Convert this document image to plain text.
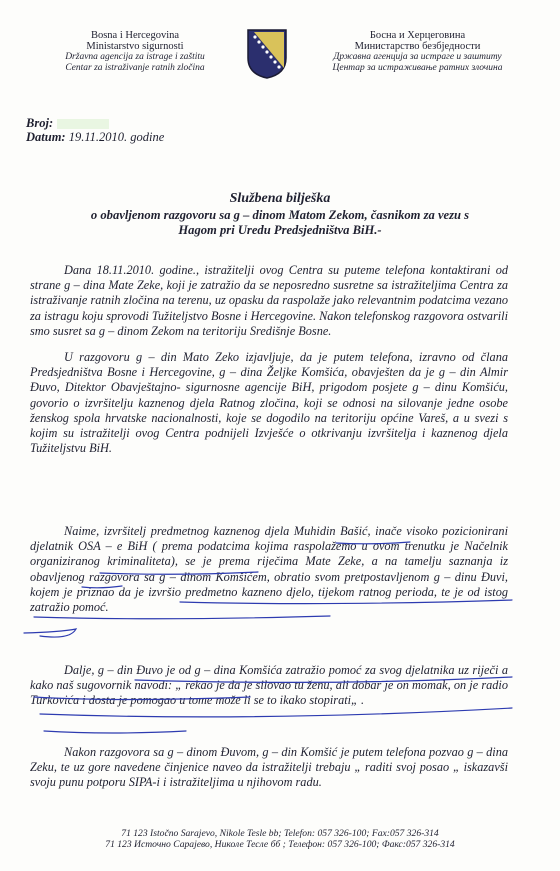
Bosna i Hercegovina
Ministarstvo sigurnosti
Državna agencija za istrage i zaštitu
Centar za istraživanje ratnih zločina
Босна и Херцеговина
Министарство безбједности
Државна агенција за истраге и заштиту
Центар за истраживање ратних злочина
Broj:
Datum: 19.11.2010. godine
Službena bilješka
o obavljenom razgovoru sa g – dinom Matom Zekom, časnikom za vezu s
Hagom pri Uredu Predsjedništva BiH.-
Dana 18.11.2010. godine., istražitelji ovog Centra su puteme telefona kontaktirani od strane g – dina Mate Zeke, koji je zatražio da se neposredno susretne sa istražiteljima Centra za istraživanje ratnih zločina na terenu, uz opasku da raspolaže jako relevantnim podatcima vezano za istragu koju sprovodi Tužiteljstvo Bosne i Hercegovine. Nakon telefonskog razgovora ostvarili smo susret sa g – dinom Zekom na teritoriju Središnje Bosne.
U razgovoru g – din Mato Zeko izjavljuje, da je putem telefona, izravno od člana Predsjedništva Bosne i Hercegovine, g – dina Željke Komšića, obavješten da je g – din Almir Đuvo, Ditektor Obavještajno- sigurnosne agencije BiH, prigodom posjete g – dinu Komšiću, govorio o izvršitelju kaznenog djela Ratnog zločina, koji se odnosi na silovanje jedne osobe ženskog spola hrvatske nacionalnosti, koje se dogodilo na teritoriju općine Vareš, a u svezi s kojim su istražitelji ovog Centra podnijeli Izvješće o otkrivanju izvršitelja i kaznenog djela Tužiteljstvu BiH.
Naime, izvršitelj predmetnog kaznenog djela Muhidin Bašić, inače visoko pozicionirani djelatnik OSA – e BiH ( prema podatcima kojima raspolažemo u ovom trenutku je Načelnik organiziranog kriminaliteta), se je prema riječima Mate Zeke, a na tamelju saznanja iz obavljenog razgovora sa g – dinom Komšićem, obratio svom pretpostavljenom g – dinu Đuvi, kojem je priznao da je izvršio predmetno kazneno djelo, tijekom ratnog perioda, te je od istog zatražio pomoć.
Dalje, g – din Đuvo je od g – dina Komšića zatražio pomoć za svog djelatnika uz riječi a kako naš sugovornik navodi: „ rekao je da je silovao tu ženu, ali dobar je on momak, on je radio Turkovića i dosta je pomogao u tome može li se to ikako stopirati„ .
Nakon razgovora sa g – dinom Đuvom, g – din Komšić je putem telefona pozvao g – dina Zeku, te uz gore navedene činjenice naveo da istražitelji trebaju „ raditi svoj posao „ iskazavši svoju punu potporu SIPA-i i istražiteljima u njihovom radu.
71 123 Istočno Sarajevo, Nikole Tesle bb; Telefon: 057 326-100; Fax:057 326-314
71 123 Источно Сарајево, Николе Тесле бб ; Телефон: 057 326-100; Факс:057 326-314
